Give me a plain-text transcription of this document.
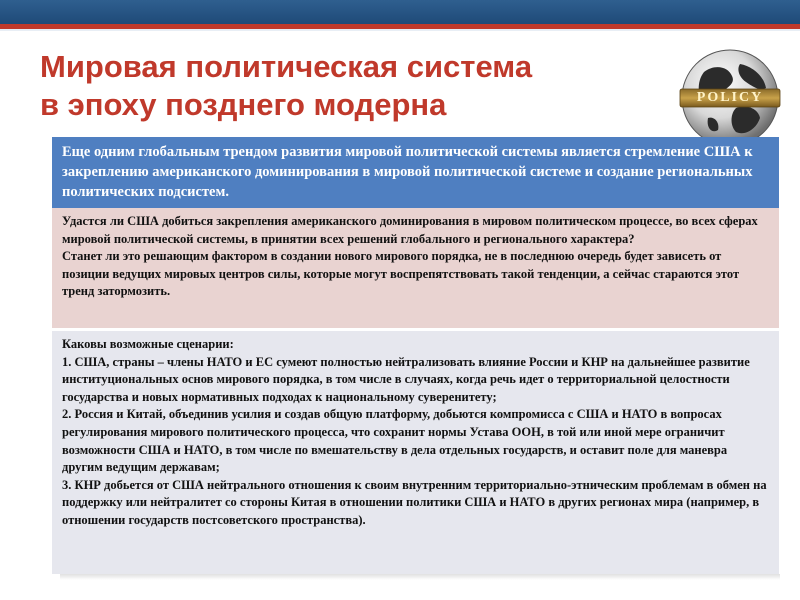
Мировая политическая система
в эпоху позднего модерна	POLICY

Еще одним глобальным трендом развития мировой политической системы является стремление США к закреплению американского доминирования в мировой политической системе и создание региональных политических подсистем.

Удастся ли США добиться закрепления американского доминирования в мировом политическом процессе, во всех сферах мировой политической системы, в принятии всех решений глобального и регионального характера?

Станет ли это решающим фактором в создании нового мирового порядка, не в последнюю очередь будет зависеть от позиции ведущих мировых центров силы, которые могут воспрепятствовать такой тенденции, а сейчас стараются этот тренд затормозить.

Каковы возможные сценарии:

1. США, страны – члены НАТО и ЕС сумеют полностью нейтрализовать влияние России и КНР на дальнейшее развитие институциональных основ мирового порядка, в том числе в случаях, когда речь идет о территориальной целостности государства и новых нормативных подходах к национальному суверенитету;

2. Россия и Китай, объединив усилия и создав общую платформу, добьются компромисса с США и НАТО в вопросах регулирования мирового политического процесса, что сохранит нормы Устава ООН, в той или иной мере ограничит возможности США и НАТО, в том числе по вмешательству в дела отдельных государств, и оставит поле для маневра другим ведущим державам;

3. КНР добьется от США нейтрального отношения к своим внутренним территориально-этническим проблемам в обмен на поддержку или нейтралитет со стороны Китая в отношении политики США и НАТО в других регионах мира (например, в отношении государств постсоветского пространства).
